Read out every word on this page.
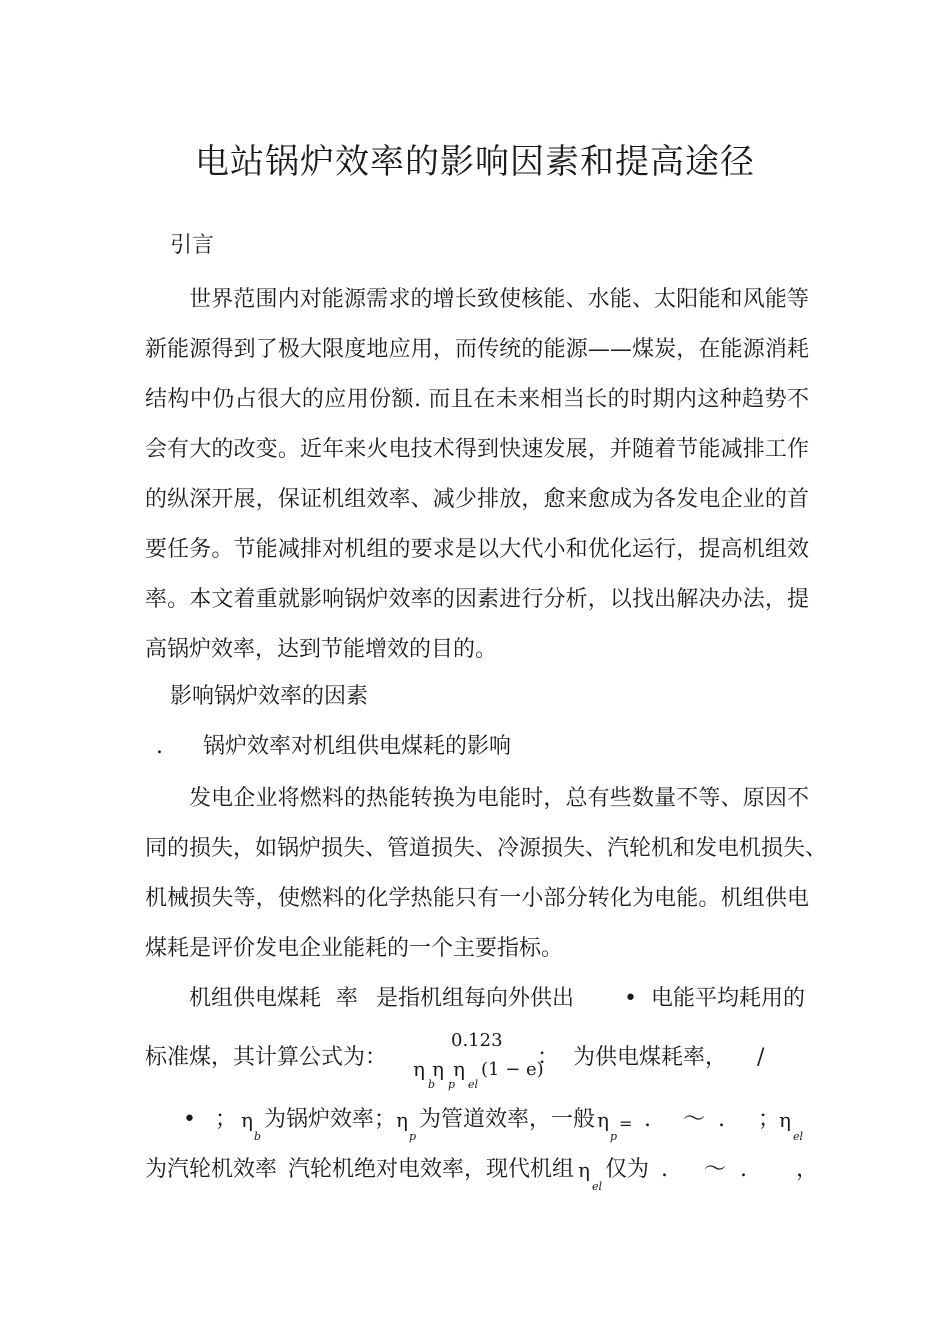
电站锅炉效率的影响因素和提高途径
引言
世界范围内对能源需求的增长致使核能、水能、太阳能和风能等
新能源得到了极大限度地应用，而传统的能源——煤炭，在能源消耗
结构中仍占很大的应用份额. 而且在未来相当长的时期内这种趋势不
会有大的改变。近年来火电技术得到快速发展，并随着节能减排工作
的纵深开展，保证机组效率、减少排放，愈来愈成为各发电企业的首
要任务。节能减排对机组的要求是以大代小和优化运行，提高机组效
率。本文着重就影响锅炉效率的因素进行分析，以找出解决办法，提
高锅炉效率，达到节能增效的目的。
影响锅炉效率的因素
. 锅炉效率对机组供电煤耗的影响
发电企业将燃料的热能转换为电能时，总有些数量不等、原因不
同的损失，如锅炉损失、管道损失、冷源损失、汽轮机和发电机损失、
机械损失等，使燃料的化学热能只有一小部分转化为电能。机组供电
煤耗是评价发电企业能耗的一个主要指标。
机组供电煤耗 率 是指机组每向外供出 • 电能平均耗用的
标准煤，其计算公式为：
0.123
η
b
η
p
η
el
(1 − e)
： 为供电煤耗率， /
• ； η
b
为锅炉效率； η
p
为管道效率，一般 η
p
= . ～ . ；
η
el
为汽轮机效率 汽轮机绝对电效率，现代机组 η
el
仅为 . ～ . ，
